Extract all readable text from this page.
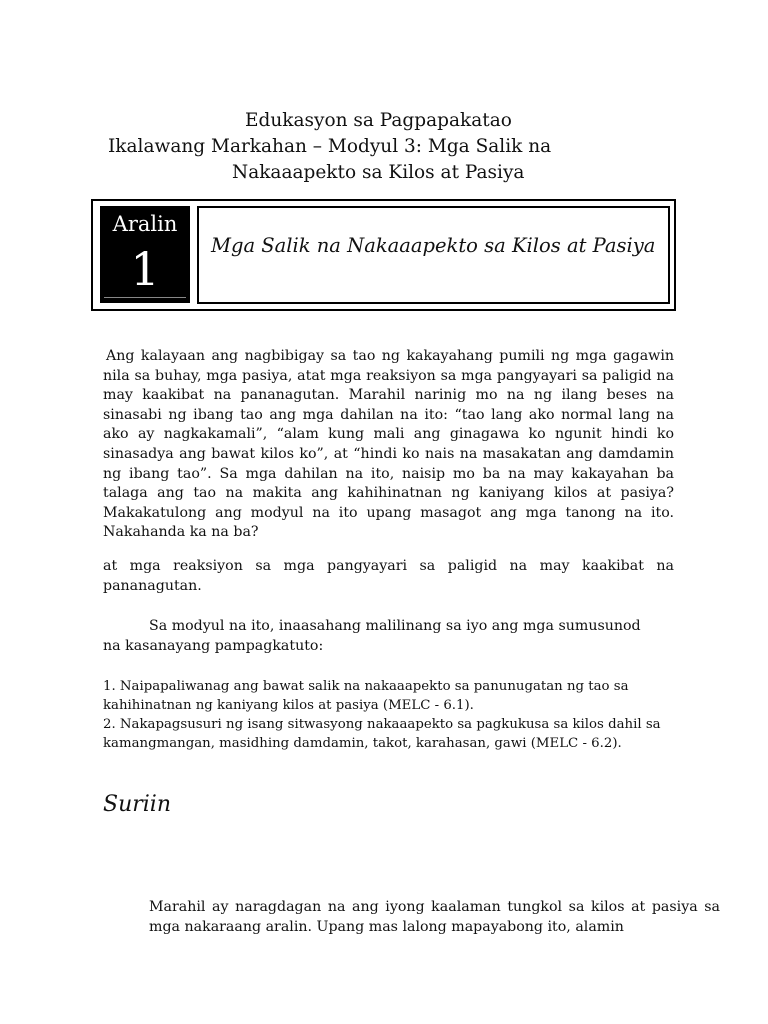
Edukasyon sa Pagpapakatao
Ikalawang Markahan – Modyul 3: Mga Salik na
Nakaaapekto sa Kilos at Pasiya
Aralin
1	Mga Salik na Nakaaapekto sa Kilos at Pasiya
Ang kalayaan ang nagbibigay sa tao ng kakayahang pumili ng mga gagawin nila sa buhay, mga pasiya, atat mga reaksiyon sa mga pangyayari sa paligid na may kaakibat na pananagutan. Marahil narinig mo na ng ilang beses na sinasabi ng ibang tao ang mga dahilan na ito: “tao lang ako normal lang na ako ay nagkakamali”, “alam kung mali ang ginagawa ko ngunit hindi ko sinasadya ang bawat kilos ko”, at “hindi ko nais na masakatan ang damdamin ng ibang tao”. Sa mga dahilan na ito, naisip mo ba na may kakayahan ba talaga ang tao na makita ang kahihinatnan ng kaniyang kilos at pasiya? Makakatulong ang modyul na ito upang masagot ang mga tanong na ito. Nakahanda ka na ba?
at mga reaksiyon sa mga pangyayari sa paligid na may kaakibat na pananagutan.
Sa modyul na ito, inaasahang malilinang sa iyo ang mga sumusunod
na kasanayang pampagkatuto:
1. Naipapaliwanag ang bawat salik na nakaaapekto sa panunugatan ng tao sa kahihinatnan ng kaniyang kilos at pasiya (MELC - 6.1).
2. Nakapagsusuri ng isang sitwasyong nakaaapekto sa pagkukusa sa kilos dahil sa kamangmangan, masidhing damdamin, takot, karahasan, gawi (MELC - 6.2).
Suriin
Marahil ay naragdagan na ang iyong kaalaman tungkol sa kilos at pasiya sa mga nakaraang aralin. Upang mas lalong mapayabong ito, alamin
